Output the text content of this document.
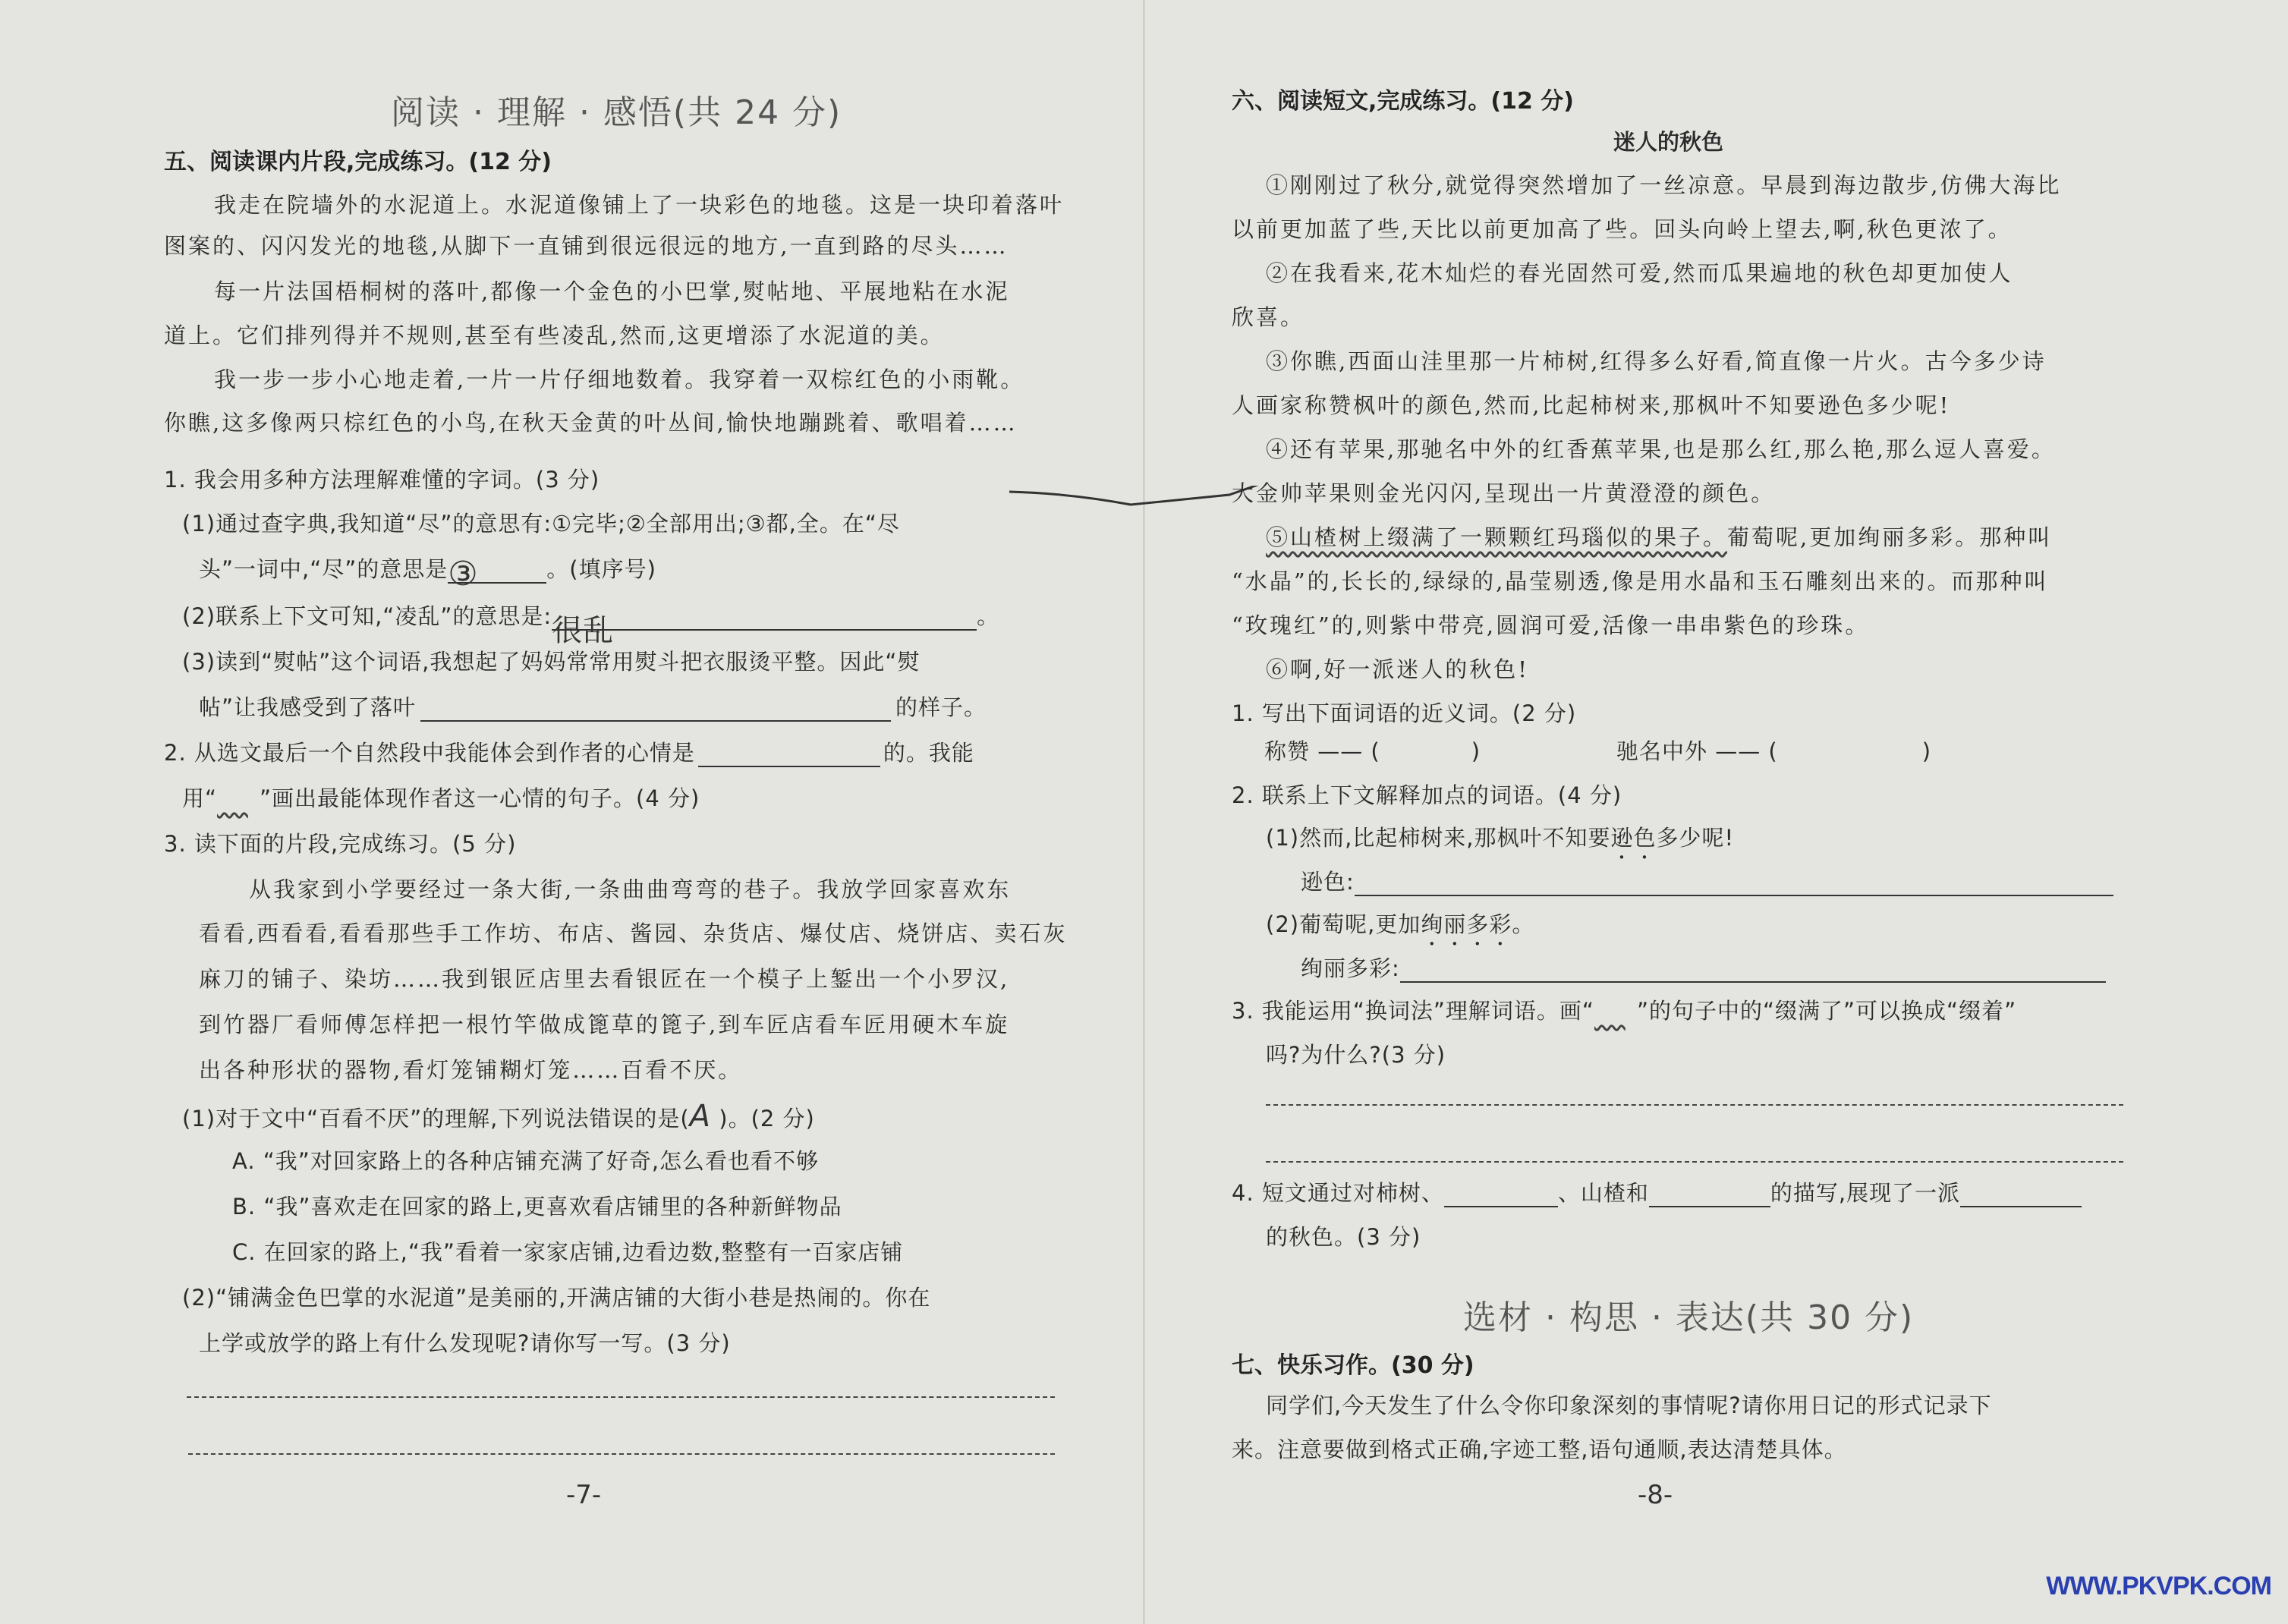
阅读 · 理解 · 感悟(共 24 分)
五、阅读课内片段,完成练习。(12 分)
我走在院墙外的水泥道上。水泥道像铺上了一块彩色的地毯。这是一块印着落叶
图案的、闪闪发光的地毯,从脚下一直铺到很远很远的地方,一直到路的尽头……
每一片法国梧桐树的落叶,都像一个金色的小巴掌,熨帖地、平展地粘在水泥
道上。它们排列得并不规则,甚至有些凌乱,然而,这更增添了水泥道的美。
我一步一步小心地走着,一片一片仔细地数着。我穿着一双棕红色的小雨靴。
你瞧,这多像两只棕红色的小鸟,在秋天金黄的叶丛间,愉快地蹦跳着、歌唱着……
1. 我会用多种方法理解难懂的字词。(3 分)
(1)通过查字典,我知道“尽”的意思有:①完毕;②全部用出;③都,全。在“尽
头”一词中,“尽”的意思是③	。(填序号)
(2)联系上下文可知,“凌乱”的意思是:很乱	。
(3)读到“熨帖”这个词语,我想起了妈妈常常用熨斗把衣服烫平整。因此“熨
帖”让我感受到了落叶	的样子。
2. 从选文最后一个自然段中我能体会到作者的心情是	的。我能
用“ ”画出最能体现作者这一心情的句子。(4 分)
3. 读下面的片段,完成练习。(5 分)
从我家到小学要经过一条大街,一条曲曲弯弯的巷子。我放学回家喜欢东
看看,西看看,看看那些手工作坊、布店、酱园、杂货店、爆仗店、烧饼店、卖石灰
麻刀的铺子、染坊……我到银匠店里去看银匠在一个模子上錾出一个小罗汉,
到竹器厂看师傅怎样把一根竹竿做成篦草的篦子,到车匠店看车匠用硬木车旋
出各种形状的器物,看灯笼铺糊灯笼……百看不厌。
(1)对于文中“百看不厌”的理解,下列说法错误的是(A )。(2 分)
A. “我”对回家路上的各种店铺充满了好奇,怎么看也看不够
B. “我”喜欢走在回家的路上,更喜欢看店铺里的各种新鲜物品
C. 在回家的路上,“我”看着一家家店铺,边看边数,整整有一百家店铺
(2)“铺满金色巴掌的水泥道”是美丽的,开满店铺的大街小巷是热闹的。你在
上学或放学的路上有什么发现呢?请你写一写。(3 分)
-7-
六、阅读短文,完成练习。(12 分)
迷人的秋色
①刚刚过了秋分,就觉得突然增加了一丝凉意。早晨到海边散步,仿佛大海比
以前更加蓝了些,天比以前更加高了些。回头向岭上望去,啊,秋色更浓了。
②在我看来,花木灿烂的春光固然可爱,然而瓜果遍地的秋色却更加使人
欣喜。
③你瞧,西面山洼里那一片柿树,红得多么好看,简直像一片火。古今多少诗
人画家称赞枫叶的颜色,然而,比起柿树来,那枫叶不知要逊色多少呢!
④还有苹果,那驰名中外的红香蕉苹果,也是那么红,那么艳,那么逗人喜爱。
大金帅苹果则金光闪闪,呈现出一片黄澄澄的颜色。
⑤山楂树上缀满了一颗颗红玛瑙似的果子。葡萄呢,更加绚丽多彩。那种叫
“水晶”的,长长的,绿绿的,晶莹剔透,像是用水晶和玉石雕刻出来的。而那种叫
“玫瑰红”的,则紫中带亮,圆润可爱,活像一串串紫色的珍珠。
⑥啊,好一派迷人的秋色!
1. 写出下面词语的近义词。(2 分)
称赞 —— (	)	驰名中外 —— (	)
2. 联系上下文解释加点的词语。(4 分)
(1)然而,比起柿树来,那枫叶不知要逊色多少呢!
逊色:
(2)葡萄呢,更加绚丽多彩。
绚丽多彩:
3. 我能运用“换词法”理解词语。画“ ”的句子中的“缀满了”可以换成“缀着”
吗?为什么?(3 分)
4. 短文通过对柿树、	、山楂和	的描写,展现了一派
的秋色。(3 分)
选材 · 构思 · 表达(共 30 分)
七、快乐习作。(30 分)
同学们,今天发生了什么令你印象深刻的事情呢?请你用日记的形式记录下
来。注意要做到格式正确,字迹工整,语句通顺,表达清楚具体。
-8-
WWW.PKVPK.COM
